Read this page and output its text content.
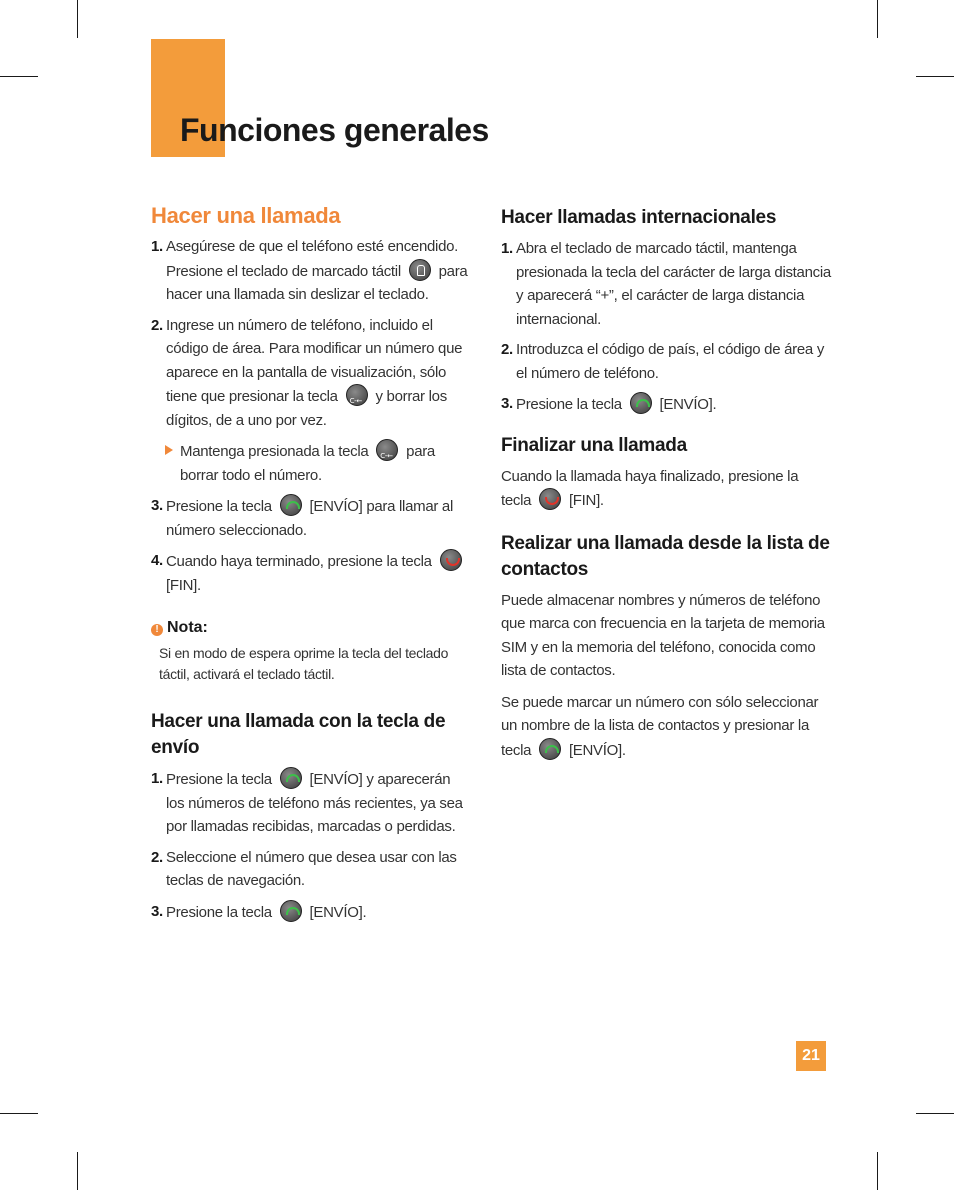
Funciones generales
Hacer una llamada
1. Asegúrese de que el teléfono esté encendido. Presione el teclado de marcado táctil	para hacer una llamada sin deslizar el teclado.
2. Ingrese un número de teléfono, incluido el código de área. Para modificar un número que aparece en la pantalla de visualización, sólo tiene que presionar la tecla C-←	y borrar los dígitos, de a uno por vez.
Mantenga presionada la tecla C-←	para borrar todo el número.
3. Presione la tecla	[ENVÍO] para llamar al número seleccionado.
4. Cuando haya terminado, presione la tecla  [FIN].
! Nota:
Si en modo de espera oprime la tecla del teclado táctil, activará el teclado táctil.
Hacer una llamada con la tecla de envío
1. Presione la tecla	[ENVÍO] y aparecerán los números de teléfono más recientes, ya sea por llamadas recibidas, marcadas o perdidas.
2. Seleccione el número que desea usar con las teclas de navegación.
3. Presione la tecla	[ENVÍO].
Hacer llamadas internacionales
1. Abra el teclado de marcado táctil, mantenga presionada la tecla del carácter de larga distancia y aparecerá “+”, el carácter de larga distancia internacional.
2. Introduzca el código de país, el código de área y el número de teléfono.
3. Presione la tecla	[ENVÍO].
Finalizar una llamada

Cuando la llamada haya finalizado, presione la tecla	[FIN].

Realizar una llamada desde la lista de contactos

Puede almacenar nombres y números de teléfono que marca con frecuencia en la tarjeta de memoria SIM y en la memoria del teléfono, conocida como lista de contactos.

Se puede marcar un número con sólo seleccionar un nombre de la lista de contactos y presionar la tecla	[ENVÍO].

21
